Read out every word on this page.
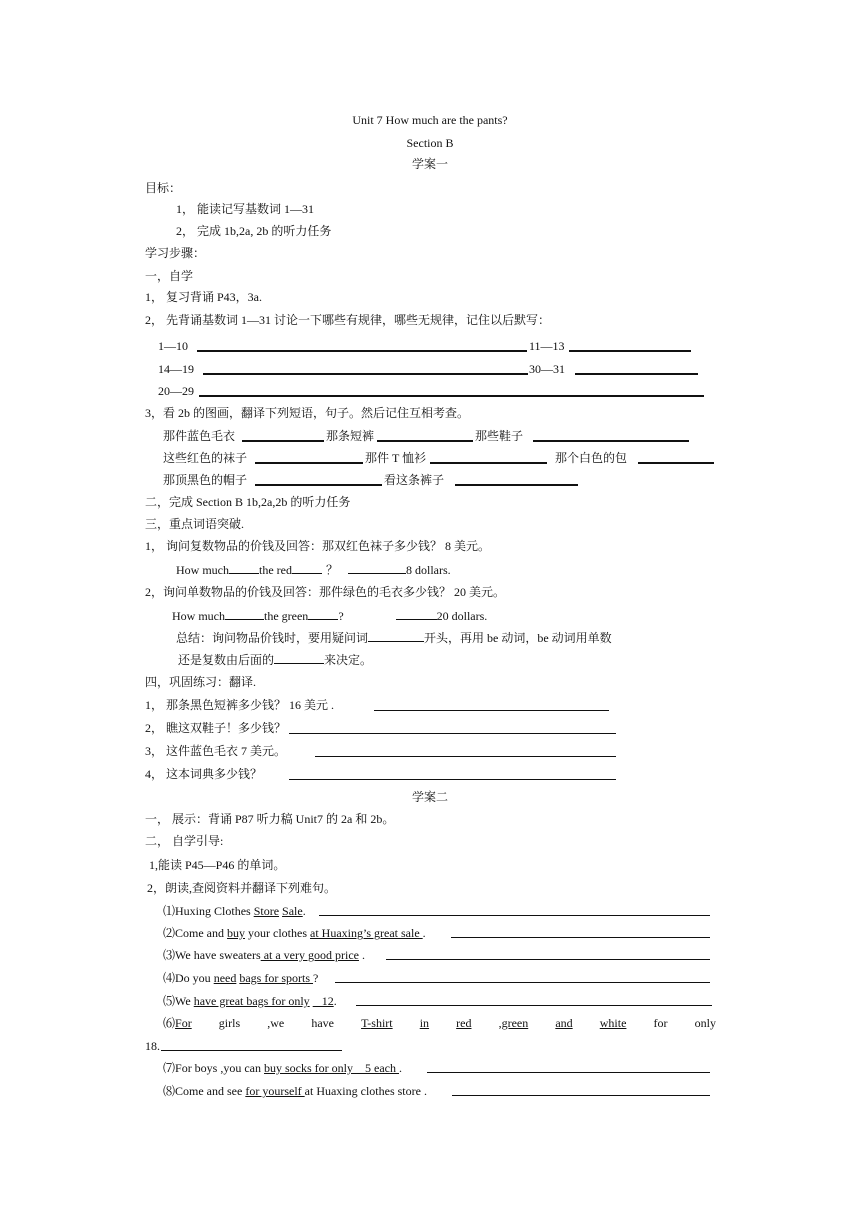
Unit 7 How much are the pants?
Section B
学案一
目标：
1， 能读记写基数词 1—31
2， 完成 1b,2a, 2b 的听力任务
学习步骤：
一，自学
1， 复习背诵 P43，3a.
2， 先背诵基数词 1—31 讨论一下哪些有规律，哪些无规律，记住以后默写：
1—10	11—13
14—19	30—31
20—29
3，看 2b 的图画，翻译下列短语，句子。然后记住互相考查。
那件蓝色毛衣	那条短裤	那些鞋子
这些红色的袜子	那件 T 恤衫	那个白色的包
那顶黑色的帽子	看这条裤子
二，完成 Section B 1b,2a,2b 的听力任务
三，重点词语突破.
1， 询问复数物品的价钱及回答：那双红色袜子多少钱？ 8 美元。
How much	the red	？	8 dollars.
2，询问单数物品的价钱及回答：那件绿色的毛衣多少钱？ 20 美元。
How much	the green	?	20 dollars.
总结：询问物品价钱时，要用疑问词	开头，再用 be 动词，be 动词用单数
还是复数由后面的	来决定。
四，巩固练习：翻译.
1， 那条黑色短裤多少钱？ 16 美元 .
2， 瞧这双鞋子！多少钱？
3， 这件蓝色毛衣 7 美元。
4， 这本词典多少钱？
学案二
一， 展示：背诵 P87 听力稿 Unit7 的 2a 和 2b。
二， 自学引导:
1,能读 P45—P46 的单词。
2，朗读,查阅资料并翻译下列难句。
⑴Huxing Clothes Store Sale.
⑵Come and buy your clothes at Huaxing’s great sale .
⑶We have sweaters at a very good price .
⑷Do you need bags for sports ?
⑸We have great bags for only    12.
⑹For girls ,we have T-shirt in red ,green and white for only
18.
⑺For boys ,you can buy socks for only    5 each .
⑻Come and see for yourself at Huaxing clothes store .
